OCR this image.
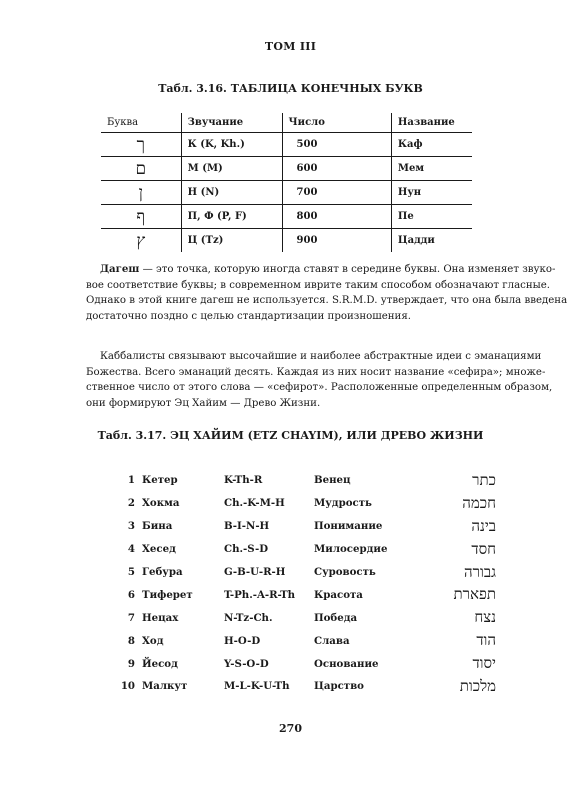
ТОМ III
Табл. 3.16. ТАБЛИЦА КОНЕЧНЫХ БУКВ
Буква	Звучание	Число	Название
ך	К (K, Kh.)	500	Каф
ם	М (M)	600	Мем
ן	Н (N)	700	Нун
ף	П, Ф (P, F)	800	Пе
ץ	Ц (Tz)	900	Цадди
Дагеш — это точка, которую иногда ставят в середине буквы. Она изменяет звуко-
вое соответствие буквы; в современном иврите таким способом обозначают гласные.
Однако в этой книге дагеш не используется. S.R.M.D. утверждает, что она была введена
достаточно поздно с целью стандартизации произношения.
Каббалисты связывают высочайшие и наиболее абстрактные идеи с эманациями
Божества. Всего эманаций десять. Каждая из них носит название «сефира»; множе-
ственное число от этого слова — «сефирот». Расположенные определенным образом,
они формируют Эц Хайим — Древо Жизни.
Табл. 3.17. ЭЦ ХАЙИМ (ETZ CHAYIM), ИЛИ ДРЕВО ЖИЗНИ
1	Кетер	K-Th-R	Венец	כתר
2	Хокма	Ch.-K-M-H	Мудрость	חכמה
3	Бина	B-I-N-H	Понимание	בינה
4	Хесед	Ch.-S-D	Милосердие	חסד
5	Гебура	G-B-U-R-H	Суровость	גבורה
6	Тиферет	T-Ph.-A-R-Th	Красота	תפארת
7	Нецах	N-Tz-Ch.	Победа	נצח
8	Ход	H-O-D	Слава	הוד
9	Йесод	Y-S-O-D	Основание	יסוד
10	Малкут	M-L-K-U-Th	Царство	מלכות
270
